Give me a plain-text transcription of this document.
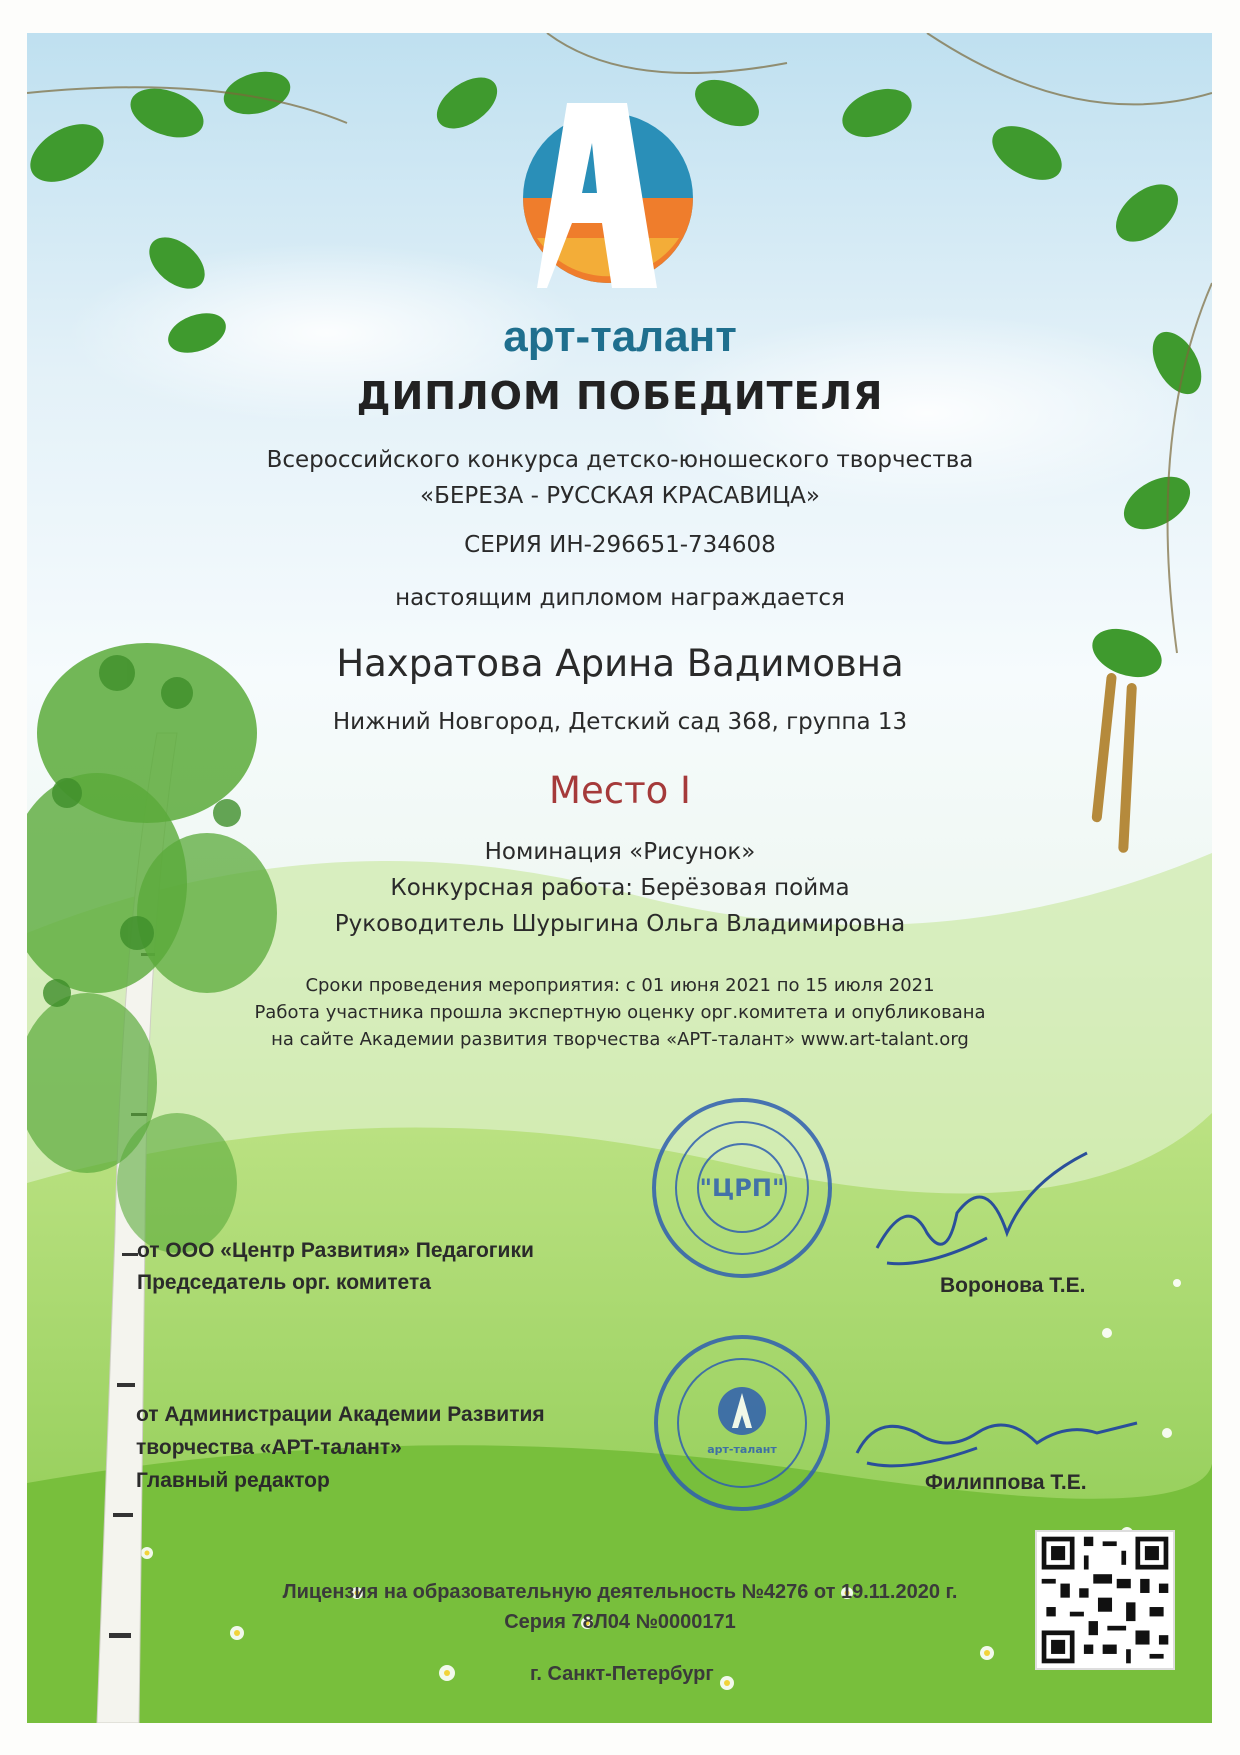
"ЦРП"
арт-талант
арт-талант
ДИПЛОМ ПОБЕДИТЕЛЯ
Всероссийского конкурса детско-юношеского творчества
«БЕРЕЗА - РУССКАЯ КРАСАВИЦА»
СЕРИЯ ИН-296651-734608
настоящим дипломом награждается
Нахратова Арина Вадимовна
Нижний Новгород, Детский сад 368, группа 13
Место I
Номинация «Рисунок»
Конкурсная работа: Берёзовая пойма
Руководитель Шурыгина Ольга Владимировна
Сроки проведения мероприятия: с 01 июня 2021 по 15 июля 2021
Работа участника прошла экспертную оценку орг.комитета и опубликована
на сайте Академии развития творчества «АРТ-талант» www.art-talant.org
от ООО «Центр Развития» Педагогики
Председатель орг. комитета	Воронова Т.Е.
от Администрации Академии Развития
творчества «АРТ-талант»
Главный редактор	Филиппова Т.Е.
Лицензия на образовательную деятельность №4276 от 19.11.2020 г.
Серия 78Л04 №0000171
г. Санкт-Петербург
